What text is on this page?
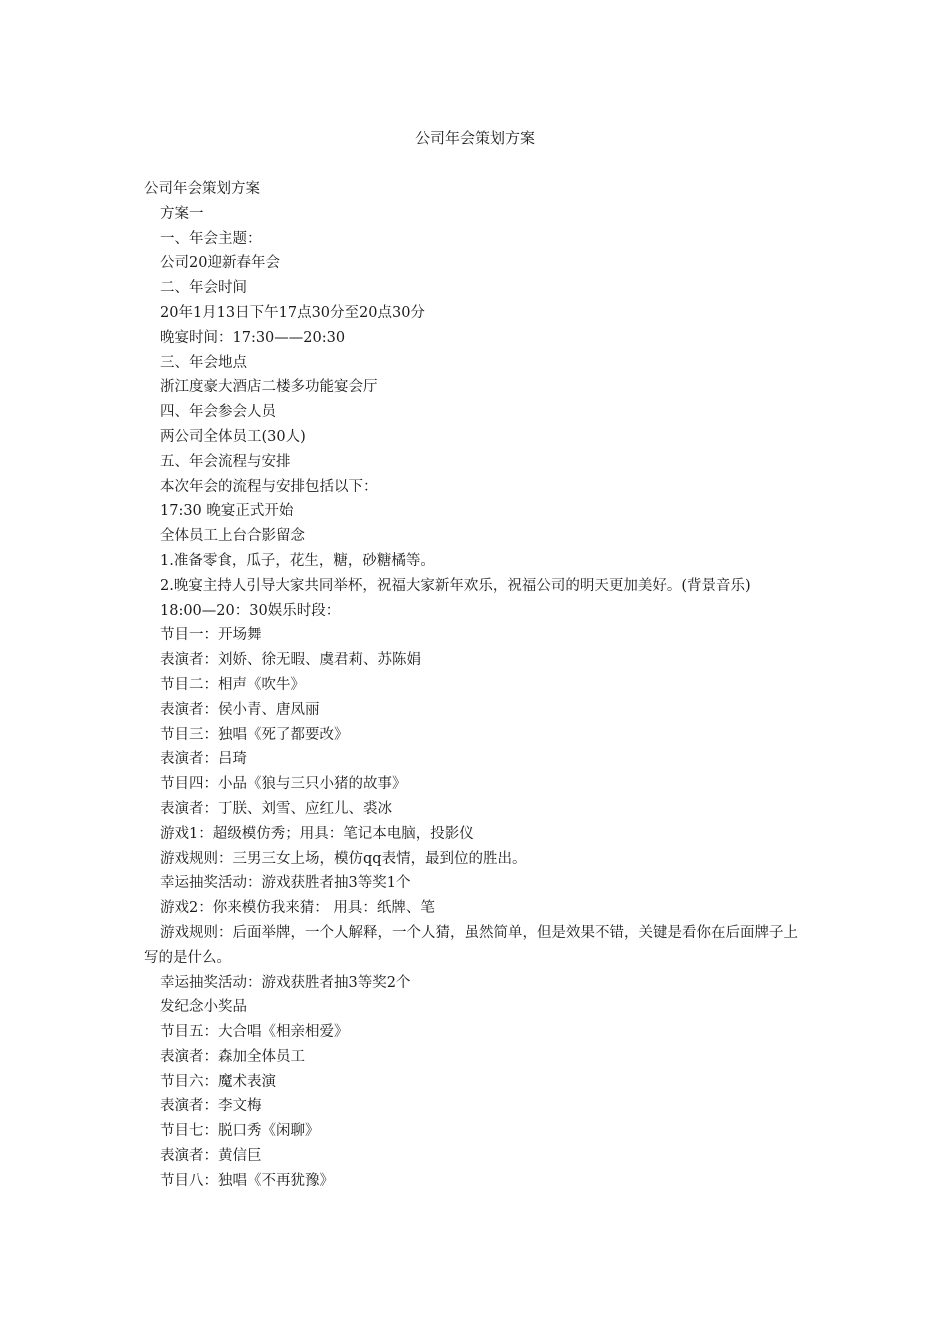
公司年会策划方案

公司年会策划方案

方案一

一、年会主题：

公司20迎新春年会

二、年会时间

20年1月13日下午17点30分至20点30分

晚宴时间：17:30——20:30

三、年会地点

浙江度豪大酒店二楼多功能宴会厅

四、年会参会人员

两公司全体员工(30人)

五、年会流程与安排

本次年会的流程与安排包括以下：

17:30 晚宴正式开始

全体员工上台合影留念

1.准备零食，瓜子，花生，糖，砂糖橘等。

2.晚宴主持人引导大家共同举杯，祝福大家新年欢乐，祝福公司的明天更加美好。(背景音乐)

18:00—20：30娱乐时段：

节目一：开场舞

表演者：刘娇、徐无暇、虞君莉、苏陈娟

节目二：相声《吹牛》

表演者：侯小青、唐凤丽

节目三：独唱《死了都要改》

表演者：吕琦

节目四：小品《狼与三只小猪的故事》

表演者：丁朕、刘雪、应红儿、裘冰

游戏1：超级模仿秀；用具：笔记本电脑，投影仪

游戏规则：三男三女上场，模仿qq表情，最到位的胜出。

幸运抽奖活动：游戏获胜者抽3等奖1个

游戏2：你来模仿我来猜： 用具：纸牌、笔

游戏规则：后面举牌，一个人解释，一个人猜，虽然简单，但是效果不错，关键是看你在后面牌子上写的是什么。

幸运抽奖活动：游戏获胜者抽3等奖2个

发纪念小奖品

节目五：大合唱《相亲相爱》

表演者：森加全体员工

节目六：魔术表演

表演者：李文梅

节目七：脱口秀《闲聊》

表演者：黄信巨

节目八：独唱《不再犹豫》
